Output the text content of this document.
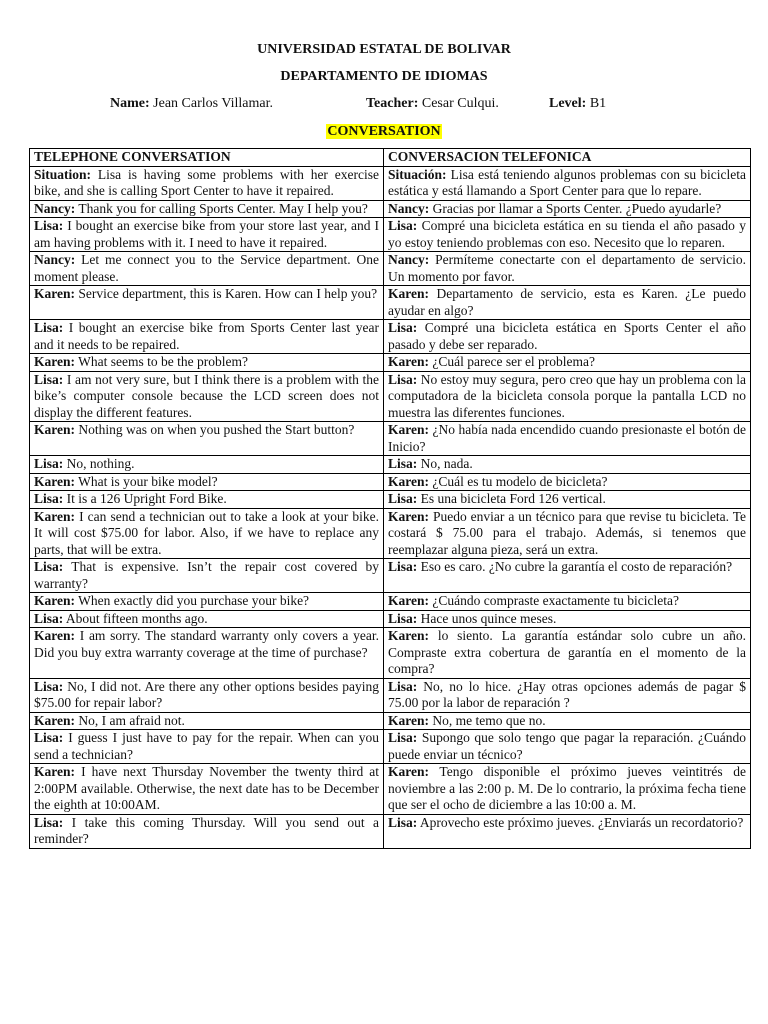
UNIVERSIDAD ESTATAL DE BOLIVAR
DEPARTAMENTO DE IDIOMAS
Name: Jean Carlos Villamar.	Teacher: Cesar Culqui.	Level: B1
CONVERSATION
TELEPHONE CONVERSATION	CONVERSACION TELEFONICA
Situation: Lisa is having some problems with her exercise bike, and she is calling Sport Center to have it repaired.	Situación: Lisa está teniendo algunos problemas con su bicicleta estática y está llamando a Sport Center para que lo repare.
Nancy: Thank you for calling Sports Center. May I help you?	Nancy: Gracias por llamar a Sports Center. ¿Puedo ayudarle?
Lisa: I bought an exercise bike from your store last year, and I am having problems with it. I need to have it repaired.	Lisa: Compré una bicicleta estática en su tienda el año pasado y yo estoy teniendo problemas con eso. Necesito que lo reparen.
Nancy: Let me connect you to the Service department. One moment please.	Nancy: Permíteme conectarte con el departamento de servicio. Un momento por favor.
Karen: Service department, this is Karen. How can I help you?	Karen: Departamento de servicio, esta es Karen. ¿Le puedo ayudar en algo?
Lisa: I bought an exercise bike from Sports Center last year and it needs to be repaired.	Lisa: Compré una bicicleta estática en Sports Center el año pasado y debe ser reparado.
Karen: What seems to be the problem?	Karen: ¿Cuál parece ser el problema?
Lisa: I am not very sure, but I think there is a problem with the bike’s computer console because the LCD screen does not display the different features.	Lisa: No estoy muy segura, pero creo que hay un problema con la computadora de la bicicleta consola porque la pantalla LCD no muestra las diferentes funciones.
Karen: Nothing was on when you pushed the Start button?	Karen: ¿No había nada encendido cuando presionaste el botón de Inicio?
Lisa: No, nothing.	Lisa: No, nada.
Karen: What is your bike model?	Karen: ¿Cuál es tu modelo de bicicleta?
Lisa: It is a 126 Upright Ford Bike.	Lisa: Es una bicicleta Ford 126 vertical.
Karen: I can send a technician out to take a look at your bike. It will cost $75.00 for labor. Also, if we have to replace any parts, that will be extra.	Karen: Puedo enviar a un técnico para que revise tu bicicleta. Te costará $ 75.00 para el trabajo. Además, si tenemos que reemplazar alguna pieza, será un extra.
Lisa: That is expensive. Isn’t the repair cost covered by warranty?	Lisa: Eso es caro. ¿No cubre la garantía el costo de reparación?
Karen: When exactly did you purchase your bike?	Karen: ¿Cuándo compraste exactamente tu bicicleta?
Lisa: About fifteen months ago.	Lisa: Hace unos quince meses.
Karen: I am sorry. The standard warranty only covers a year. Did you buy extra warranty coverage at the time of purchase?	Karen: lo siento. La garantía estándar solo cubre un año. Compraste extra cobertura de garantía en el momento de la compra?
Lisa: No, I did not. Are there any other options besides paying $75.00 for repair labor?	Lisa: No, no lo hice. ¿Hay otras opciones además de pagar $ 75.00 por la labor de reparación ?
Karen: No, I am afraid not.	Karen: No, me temo que no.
Lisa: I guess I just have to pay for the repair. When can you send a technician?	Lisa: Supongo que solo tengo que pagar la reparación. ¿Cuándo puede enviar un técnico?
Karen: I have next Thursday November the twenty third at 2:00PM available. Otherwise, the next date has to be December the eighth at 10:00AM.	Karen: Tengo disponible el próximo jueves veintitrés de noviembre a las 2:00 p. M. De lo contrario, la próxima fecha tiene que ser el ocho de diciembre a las 10:00 a. M.
Lisa: I take this coming Thursday. Will you send out a reminder?	Lisa: Aprovecho este próximo jueves. ¿Enviarás un recordatorio?
